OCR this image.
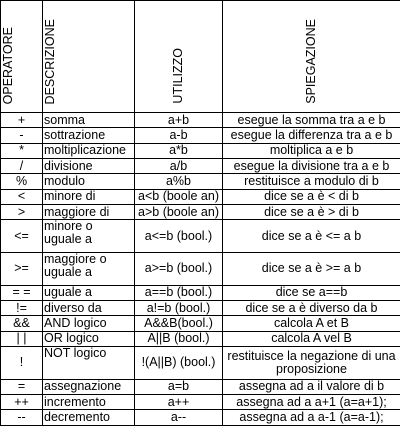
OPERATORE	DESCRIZIONE	UTILIZZO	SPIEGAZIONE
+	somma	a+b	esegue la somma tra a e b
-	sottrazione	a-b	esegue la differenza tra a e b
*	moltiplicazione	a*b	moltiplica a e b
/	divisione	a/b	esegue la divisione tra a e b
%	modulo	a%b	restituisce a modulo di b
<	minore di	a<b (boole an)	dice se a è < di b
>	maggiore di	a>b (boole an)	dice se a è > di b
<=	minore o uguale a	a<=b (bool.)	dice se a è <= a b
>=	maggiore o uguale a	a>=b (bool.)	dice se a è >= a b
= =	uguale a	a==b (bool.)	dice se a==b
!=	diverso da	a!=b (bool.)	dice se a è diverso da b
&&	AND logico	A&&B(bool.)	calcola A et B
| |	OR logico	A||B (bool.)	calcola A vel B
!	NOT logico	!(A||B) (bool.)	restituisce la negazione di una proposizione
=	assegnazione	a=b	assegna ad a il valore di b
++	incremento	a++	assegna ad a a+1 (a=a+1);
--	decremento	a--	assegna ad a a-1 (a=a-1);
